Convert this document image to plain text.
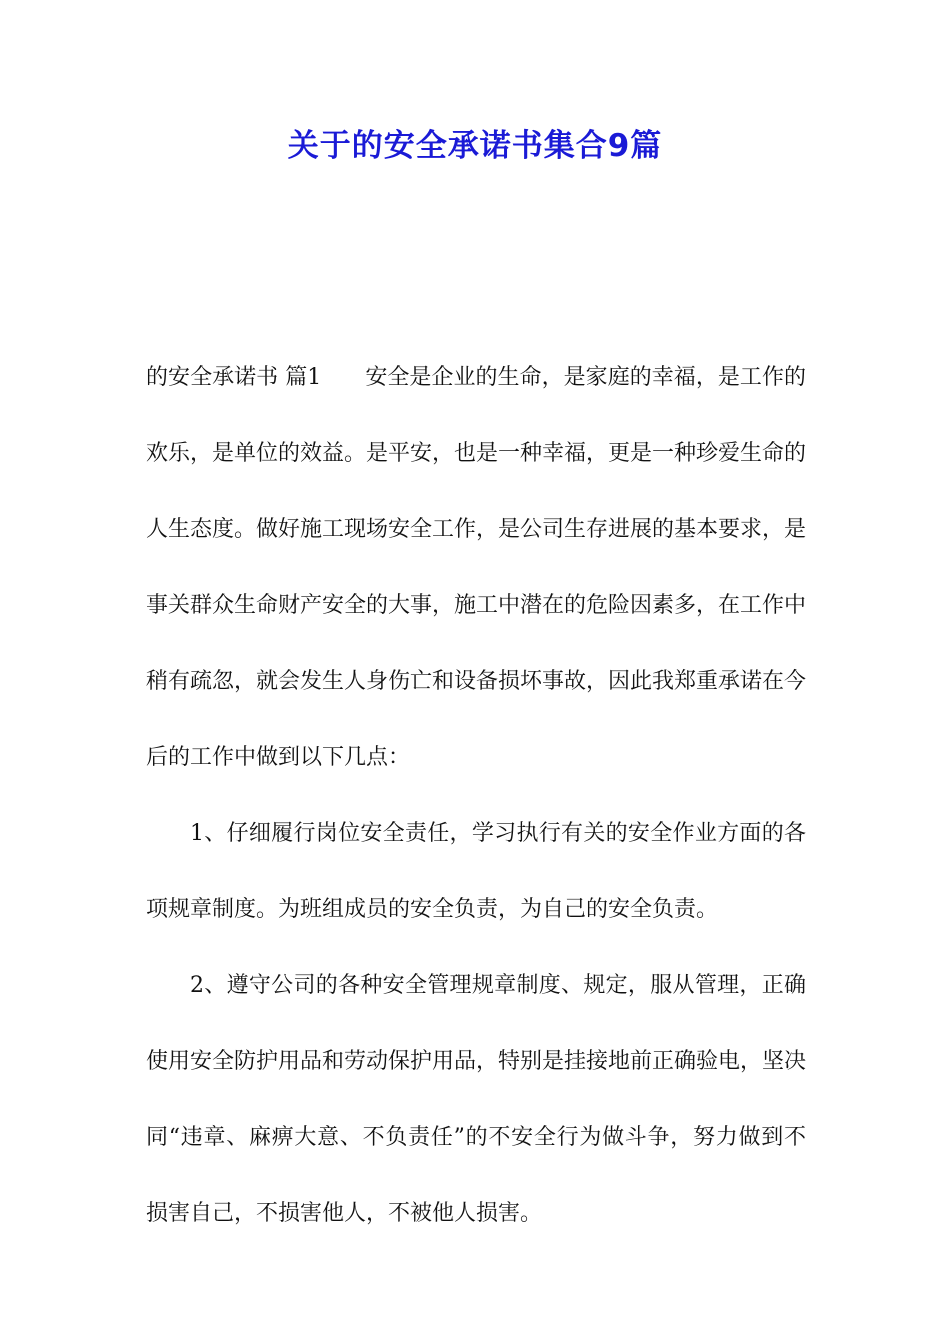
关于的安全承诺书集合9篇

的安全承诺书 篇1 安全是企业的生命，是家庭的幸福，是工作的欢乐，是单位的效益。是平安，也是一种幸福，更是一种珍爱生命的人生态度。做好施工现场安全工作，是公司生存进展的基本要求，是事关群众生命财产安全的大事，施工中潜在的危险因素多，在工作中稍有疏忽，就会发生人身伤亡和设备损坏事故，因此我郑重承诺在今后的工作中做到以下几点：

1、仔细履行岗位安全责任，学习执行有关的安全作业方面的各项规章制度。为班组成员的安全负责，为自己的安全负责。

2、遵守公司的各种安全管理规章制度、规定，服从管理，正确使用安全防护用品和劳动保护用品，特别是挂接地前正确验电，坚决同“违章、麻痹大意、不负责任”的不安全行为做斗争，努力做到不损害自己，不损害他人，不被他人损害。
